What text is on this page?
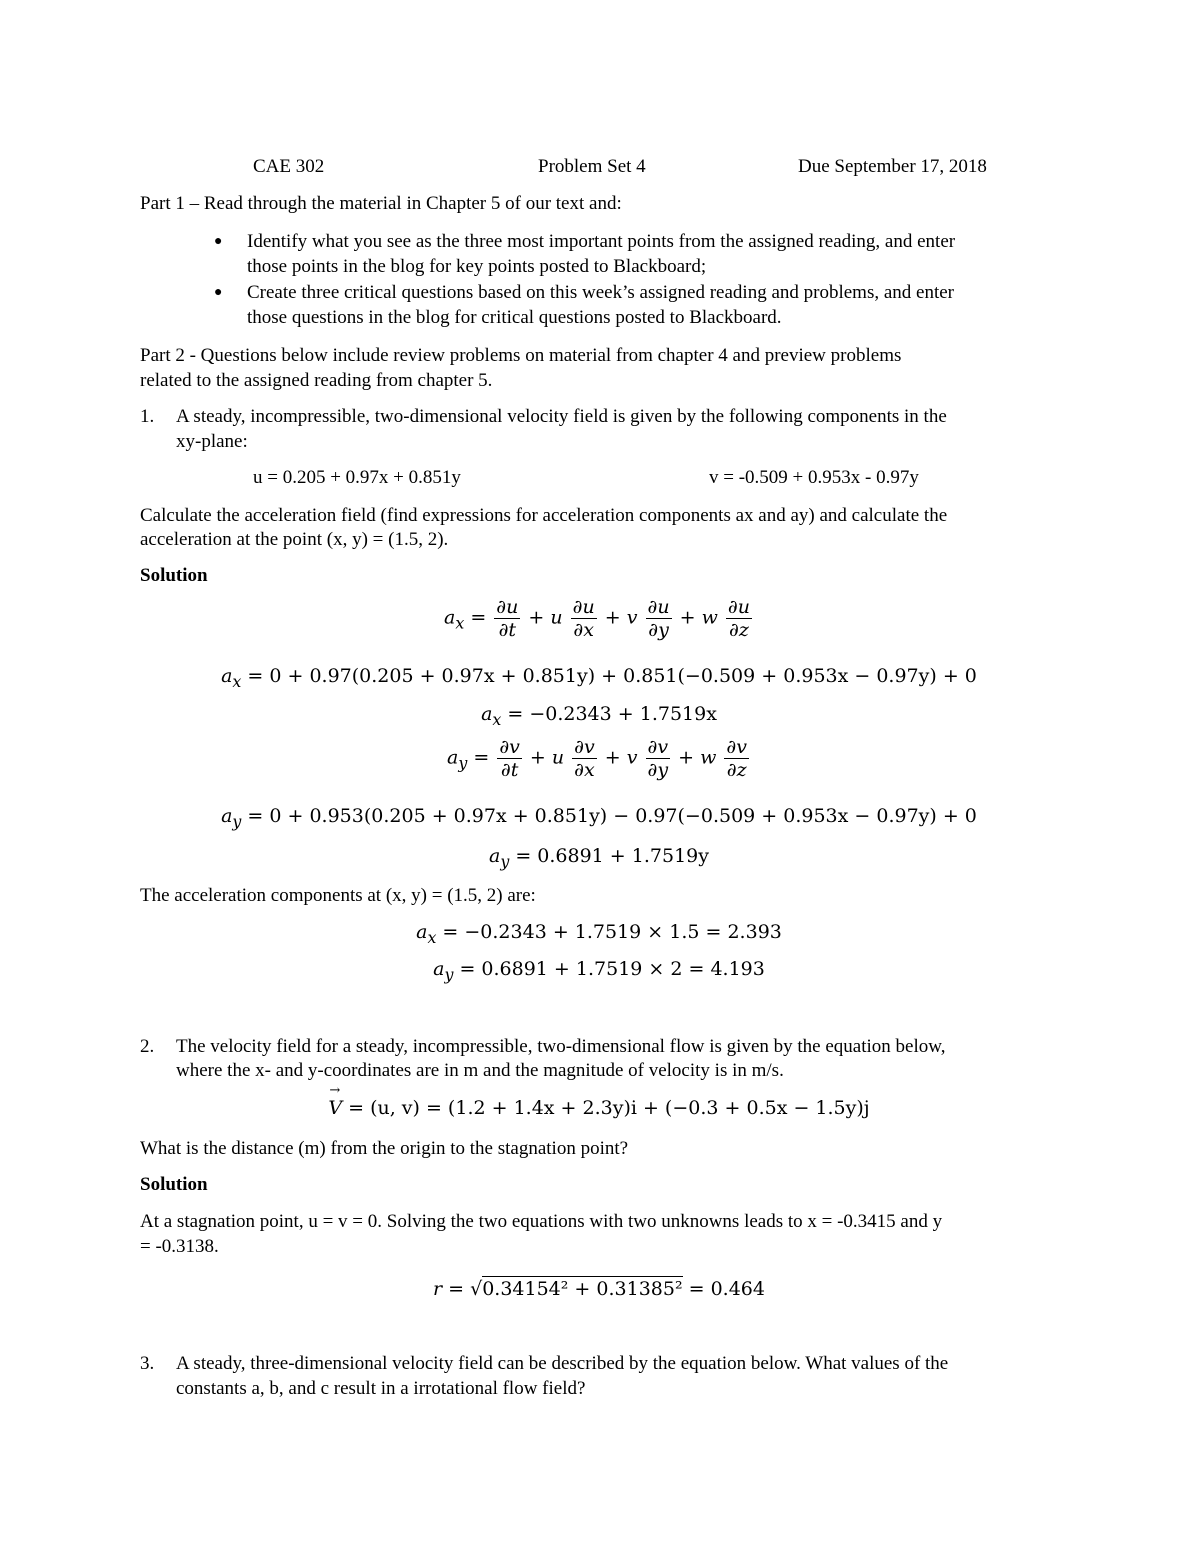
CAE 302	Problem Set 4	Due September 17, 2018
Part 1 – Read through the material in Chapter 5 of our text and:
● Identify what you see as the three most important points from the assigned reading, and enter
those points in the blog for key points posted to Blackboard;
● Create three critical questions based on this week’s assigned reading and problems, and enter
those questions in the blog for critical questions posted to Blackboard.
Part 2 - Questions below include review problems on material from chapter 4 and preview problems
related to the assigned reading from chapter 5.
1. A steady, incompressible, two-dimensional velocity field is given by the following components in the
xy-plane:
u = 0.205 + 0.97x + 0.851y	v = -0.509 + 0.953x - 0.97y
Calculate the acceleration field (find expressions for acceleration components ax and ay) and calculate the
acceleration at the point (x, y) = (1.5, 2).
Solution
$a_x = \frac{\partial u}{\partial t} + u \frac{\partial u}{\partial x} + v \frac{\partial u}{\partial y} + w \frac{\partial u}{\partial z}$
$a_x = 0 + 0.97(0.205 + 0.97x + 0.851y) + 0.851(-0.509 + 0.953x - 0.97y) + 0$
$a_x = -0.2343 + 1.7519x$
$a_y = \frac{\partial v}{\partial t} + u \frac{\partial v}{\partial x} + v \frac{\partial v}{\partial y} + w \frac{\partial v}{\partial z}$
$a_y = 0 + 0.953(0.205 + 0.97x + 0.851y) - 0.97(-0.509 + 0.953x - 0.97y) + 0$
$a_y = 0.6891 + 1.7519y$
The acceleration components at (x, y) = (1.5, 2) are:
$a_x = -0.2343 + 1.7519 \times 1.5 = 2.393$
$a_y = 0.6891 + 1.7519 \times 2 = 4.193$
2. The velocity field for a steady, incompressible, two-dimensional flow is given by the equation below,
where the x- and y-coordinates are in m and the magnitude of velocity is in m/s.
→ V = (u, v) = (1.2 + 1.4x + 2.3y)i + (−0.3 + 0.5x − 1.5y)j
What is the distance (m) from the origin to the stagnation point?
Solution
At a stagnation point, u = v = 0. Solving the two equations with two unknowns leads to x = -0.3415 and y
= -0.3138.
r = √0.34154² + 0.31385² = 0.464
3. A steady, three-dimensional velocity field can be described by the equation below. What values of the
constants a, b, and c result in a irrotational flow field?
